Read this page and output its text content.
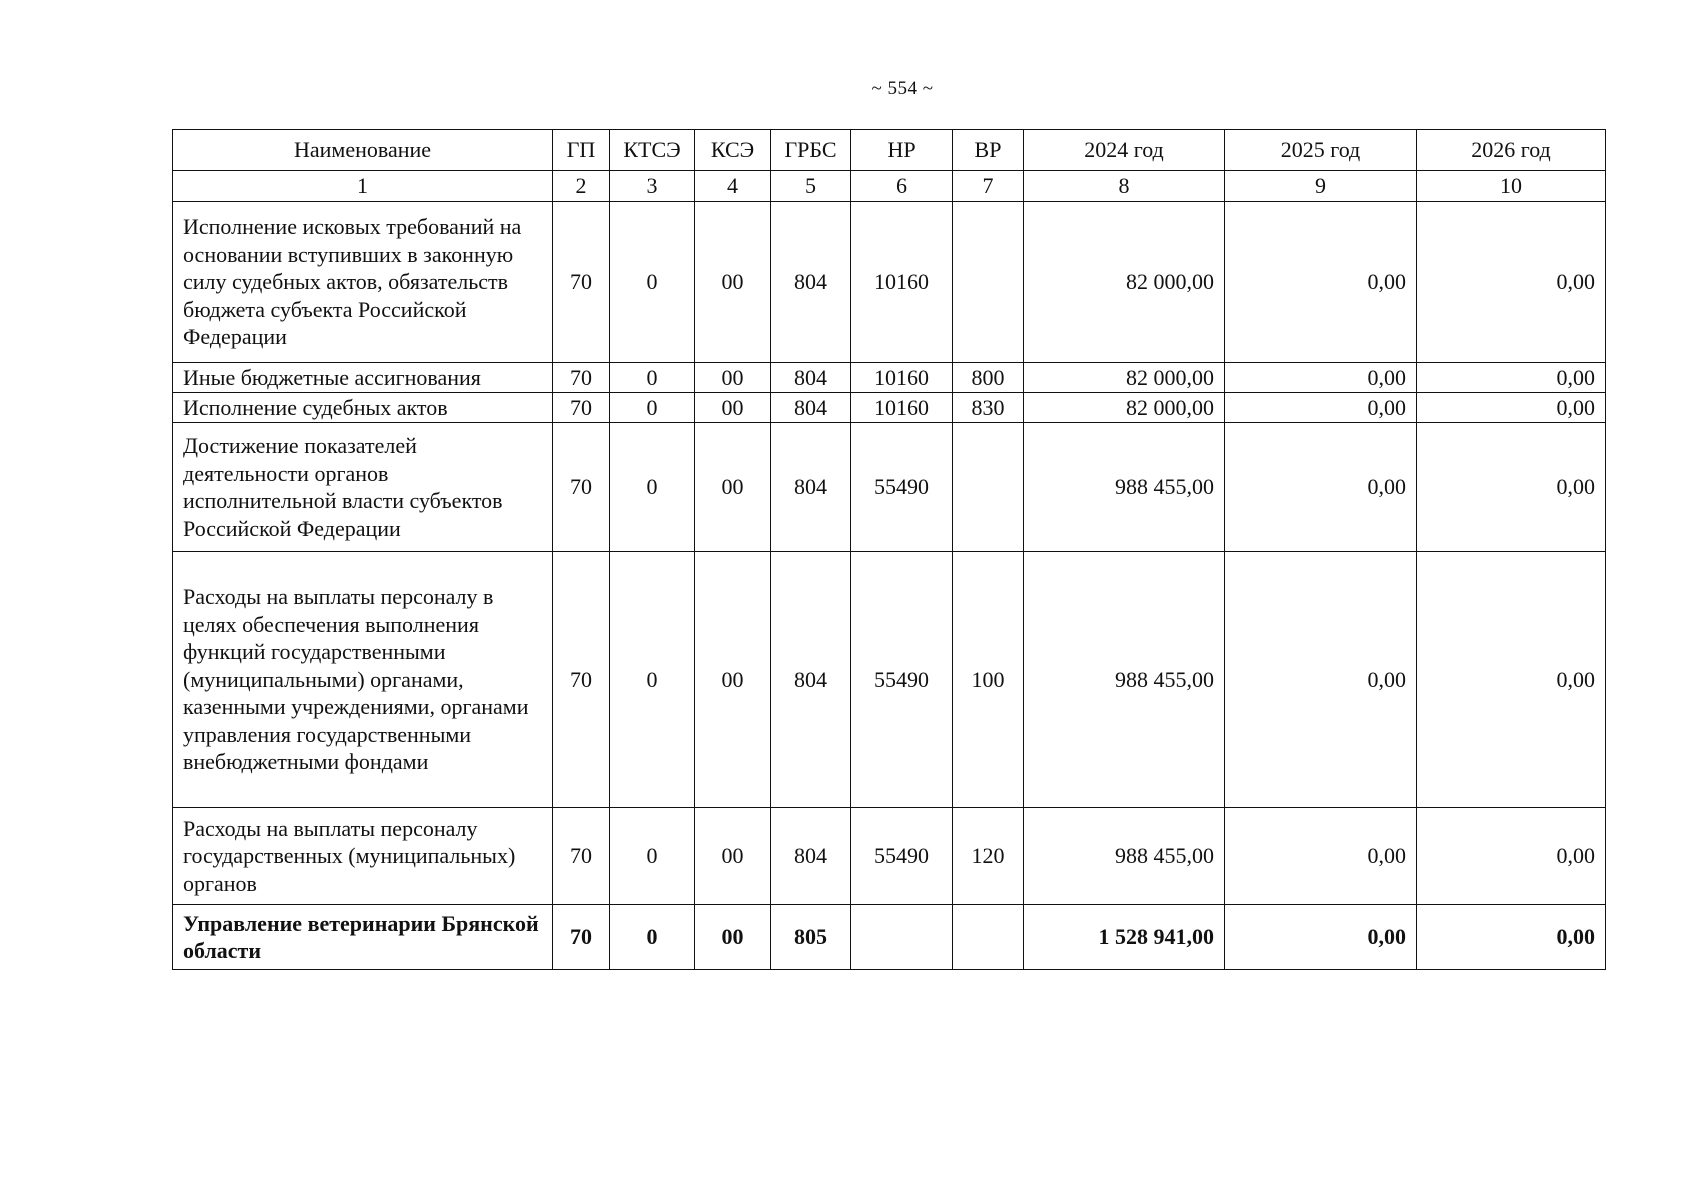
~ 554 ~
Наименование	ГП	КТСЭ	КСЭ	ГРБС	НР	ВР	2024 год	2025 год	2026 год
1	2	3	4	5	6	7	8	9	10
Исполнение исковых требований на основании вступивших в законную силу судебных актов, обязательств бюджета субъекта Российской Федерации	70	0	00	804	10160		82 000,00	0,00	0,00
Иные бюджетные ассигнования	70	0	00	804	10160	800	82 000,00	0,00	0,00
Исполнение судебных актов	70	0	00	804	10160	830	82 000,00	0,00	0,00
Достижение показателей деятельности органов исполнительной власти субъектов Российской Федерации	70	0	00	804	55490		988 455,00	0,00	0,00
Расходы на выплаты персоналу в целях обеспечения выполнения функций государственными (муниципальными) органами, казенными учреждениями, органами управления государственными внебюджетными фондами	70	0	00	804	55490	100	988 455,00	0,00	0,00
Расходы на выплаты персоналу государственных (муниципальных) органов	70	0	00	804	55490	120	988 455,00	0,00	0,00
Управление ветеринарии Брянской области	70	0	00	805			1 528 941,00	0,00	0,00
